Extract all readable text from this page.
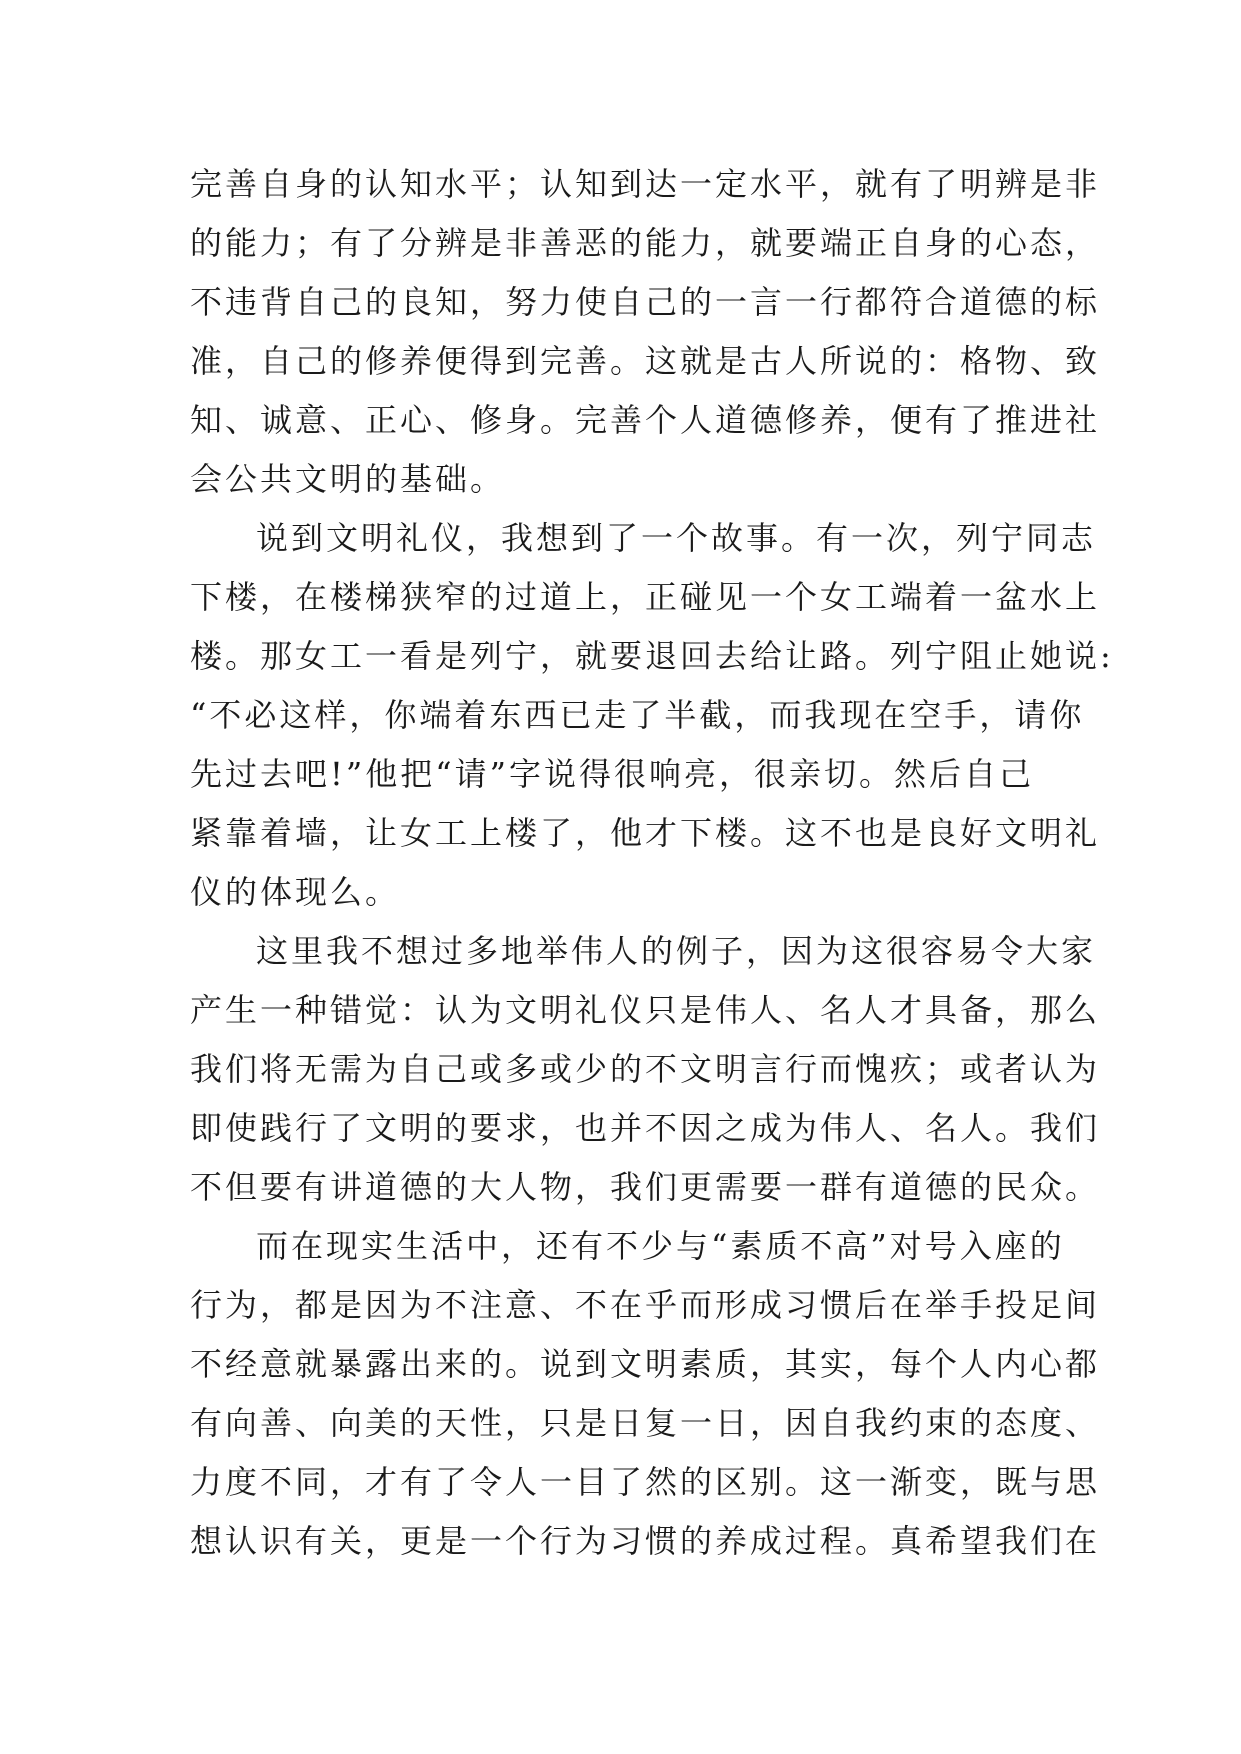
完善自身的认知水平；认知到达一定水平，就有了明辨是非
的能力；有了分辨是非善恶的能力，就要端正自身的心态，
不违背自己的良知，努力使自己的一言一行都符合道德的标
准，自己的修养便得到完善。这就是古人所说的：格物、致
知、诚意、正心、修身。完善个人道德修养，便有了推进社
会公共文明的基础。
说到文明礼仪，我想到了一个故事。有一次，列宁同志
下楼，在楼梯狭窄的过道上，正碰见一个女工端着一盆水上
楼。那女工一看是列宁，就要退回去给让路。列宁阻止她说:
“不必这样，你端着东西已走了半截，而我现在空手，请你
先过去吧!”他把“请”字说得很响亮，很亲切。然后自己
紧靠着墙，让女工上楼了，他才下楼。这不也是良好文明礼
仪的体现么。
这里我不想过多地举伟人的例子，因为这很容易令大家
产生一种错觉：认为文明礼仪只是伟人、名人才具备，那么
我们将无需为自己或多或少的不文明言行而愧疚；或者认为
即使践行了文明的要求，也并不因之成为伟人、名人。我们
不但要有讲道德的大人物，我们更需要一群有道德的民众。
而在现实生活中，还有不少与“素质不高”对号入座的
行为，都是因为不注意、不在乎而形成习惯后在举手投足间
不经意就暴露出来的。说到文明素质，其实，每个人内心都
有向善、向美的天性，只是日复一日，因自我约束的态度、
力度不同，才有了令人一目了然的区别。这一渐变，既与思
想认识有关，更是一个行为习惯的养成过程。真希望我们在
